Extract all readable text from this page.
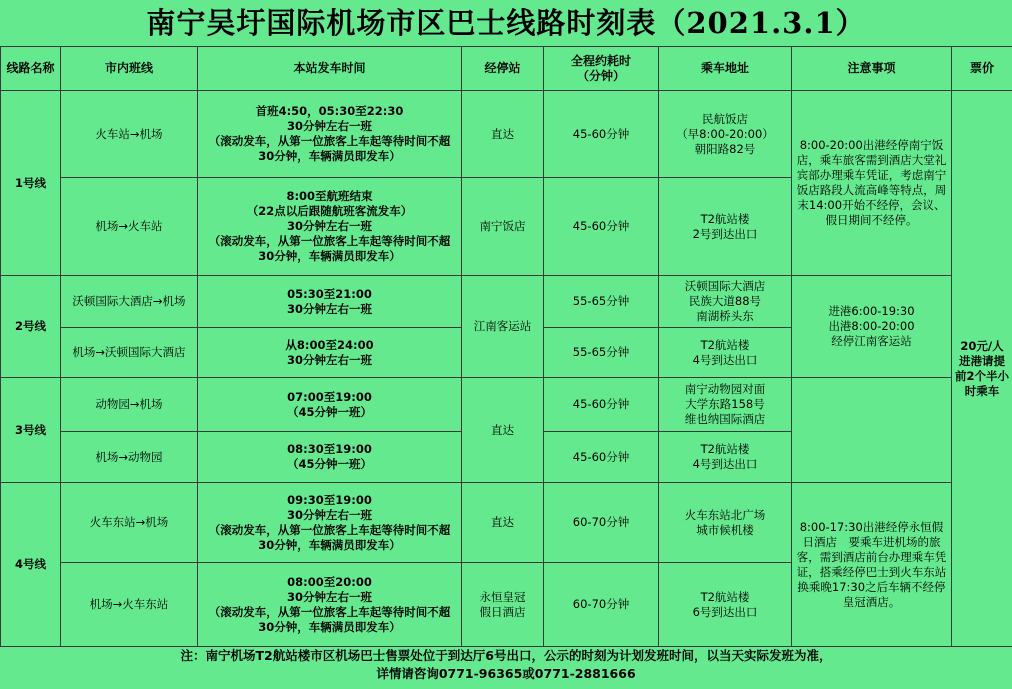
南宁吴圩国际机场市区巴士线路时刻表（2021.3.1）
线路名称	市内班线	本站发车时间	经停站	全程约耗时
（分钟）	乘车地址	注意事项	票价
1号线	火车站→机场	首班4:50，05:30至22:30
30分钟左右一班
（滚动发车，从第一位旅客上车起等待时间不超30分钟，车辆满员即发车）	直达	45-60分钟	民航饭店
（早8:00-20:00）
朝阳路82号	8:00-20:00出港经停南宁饭店，乘车旅客需到酒店大堂礼宾部办理乘车凭证，考虑南宁饭店路段人流高峰等特点，周末14:00开始不经停，会议、假日期间不经停。	20元/人
进港请提前2个半小时乘车
	机场→火车站	8:00至航班结束
（22点以后跟随航班客流发车）
30分钟左右一班
（滚动发车，从第一位旅客上车起等待时间不超30分钟，车辆满员即发车）	南宁饭店	45-60分钟	T2航站楼
2号到达出口		
2号线	沃顿国际大酒店→机场	05:30至21:00
30分钟左右一班	江南客运站	55-65分钟	沃顿国际大酒店
民族大道88号
南湖桥头东	进港6:00-19:30
出港8:00-20:00
经停江南客运站	
	机场→沃顿国际大酒店	从8:00至24:00
30分钟左右一班		55-65分钟	T2航站楼
4号到达出口		
3号线	动物园→机场	07:00至19:00
（45分钟一班）	直达	45-60分钟	南宁动物园对面
大学东路158号
维也纳国际酒店		
	机场→动物园	08:30至19:00
（45分钟一班）		45-60分钟	T2航站楼
4号到达出口		
4号线	火车东站→机场	09:30至19:00
30分钟左右一班
（滚动发车，从第一位旅客上车起等待时间不超30分钟，车辆满员即发车）	直达	60-70分钟	火车东站北广场
城市候机楼	8:00-17:30出港经停永恒假日酒店　要乘车进机场的旅客，需到酒店前台办理乘车凭证，搭乘经停巴士到火车东站换乘晚17:30之后车辆不经停皇冠酒店。	
	机场→火车东站	08:00至20:00
30分钟左右一班
（滚动发车，从第一位旅客上车起等待时间不超30分钟，车辆满员即发车）	永恒皇冠
假日酒店	60-70分钟	T2航站楼
6号到达出口		
注：南宁机场T2航站楼市区机场巴士售票处位于到达厅6号出口，公示的时刻为计划发班时间，以当天实际发班为准，
详情请咨询0771-96365或0771-2881666
